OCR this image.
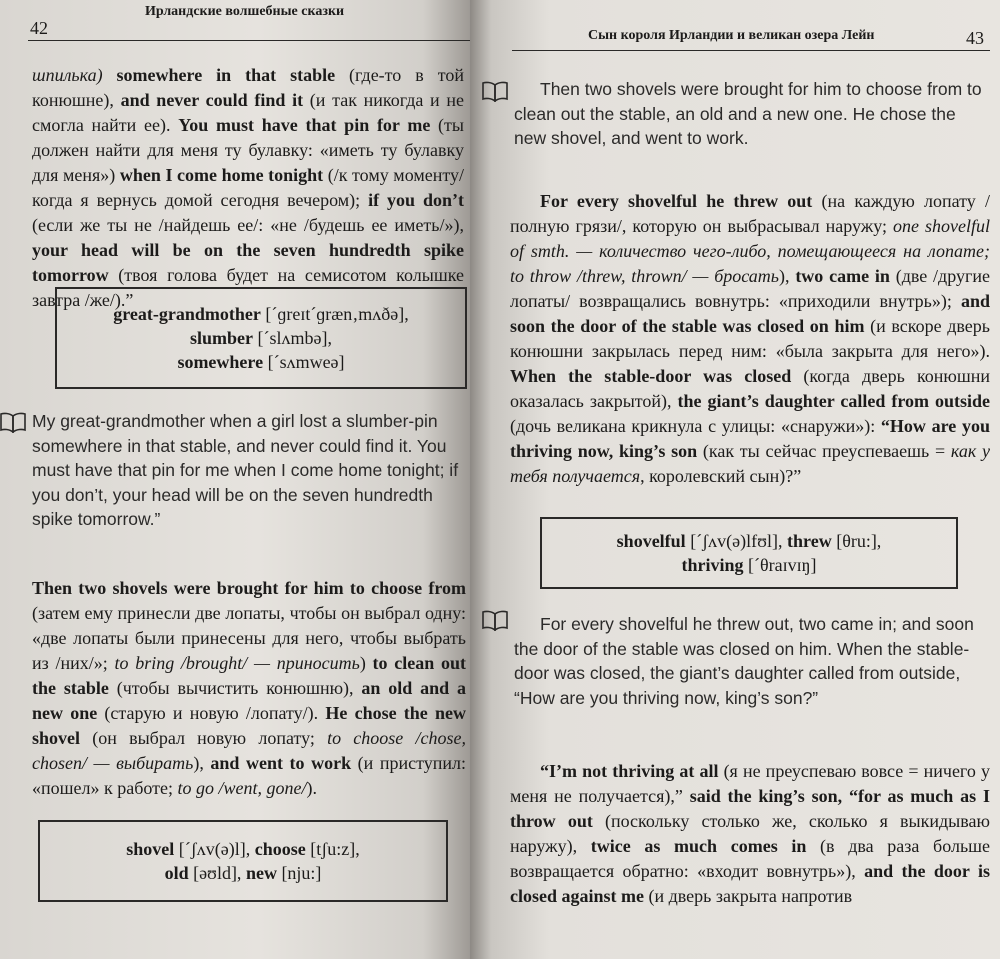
42
Ирландские волшебные сказки

шпилька) somewhere in that stable (где-то в той конюшне), and never could find it (и так никогда и не смогла найти ее). You must have that pin for me (ты должен найти для меня ту булавку: «иметь ту булавку для меня») when I come home tonight (/к тому моменту/ когда я вернусь домой сегодня вечером); if you don’t (если же ты не /найдешь ее/: «не /будешь ее иметь/»), your head will be on the seven hundredth spike tomorrow (твоя голова будет на семисотом колышке завтра /же/).”

great-grandmother [ˊɡreɪtˊɡræn‚mʌðə],
slumber [ˊslʌmbə],
somewhere [ˊsʌmweə]

My great-grandmother when a girl lost a slumber-pin somewhere in that stable, and never could find it. You must have that pin for me when I come home tonight; if you don’t, your head will be on the seven hundredth spike tomorrow.”

Then two shovels were brought for him to choose from (затем ему принесли две лопаты, чтобы он выбрал одну: «две лопаты были принесены для него, чтобы выбрать из /них/»; to bring /brought/ — приносить) to clean out the stable (чтобы вычистить конюшню), an old and a new one (старую и новую /лопату/). He chose the new shovel (он выбрал новую лопату; to choose /chose, chosen/ — выбирать), and went to work (и приступил: «пошел» к работе; to go /went, gone/).

shovel [ˊʃʌv(ə)l], choose [tʃu:z],
old [əʊld], new [nju:]
Сын короля Ирландии и великан озера Лейн	43

Then two shovels were brought for him to choose from to clean out the stable, an old and a new one. He chose the new shovel, and went to work.

For every shovelful he threw out (на каждую лопату /полную грязи/, которую он выбрасывал наружу; one shovelful of smth. — количество чего-либо, помещающееся на лопате; to throw /threw, thrown/ — бросать), two came in (две /другие лопаты/ возвращались вовнутрь: «приходили внутрь»); and soon the door of the stable was closed on him (и вскоре дверь конюшни закрылась перед ним: «была закрыта для него»). When the stable-door was closed (когда дверь конюшни оказалась закрытой), the giant’s daughter called from outside (дочь великана крикнула с улицы: «снаружи»): “How are you thriving now, king’s son (как ты сейчас преуспеваешь = как у тебя получается, королевский сын)?”

shovelful [ˊʃʌv(ə)lfʊl], threw [θru:],
thriving [ˊθraɪvɪŋ]

For every shovelful he threw out, two came in; and soon the door of the stable was closed on him. When the stable-door was closed, the giant’s daughter called from outside, “How are you thriving now, king’s son?”

“I’m not thriving at all (я не преуспеваю вовсе = ничего у меня не получается),” said the king’s son, “for as much as I throw out (поскольку столько же, сколько я выкидываю наружу), twice as much comes in (в два раза больше возвращается обратно: «входит вовнутрь»), and the door is closed against me (и дверь закрыта напротив
